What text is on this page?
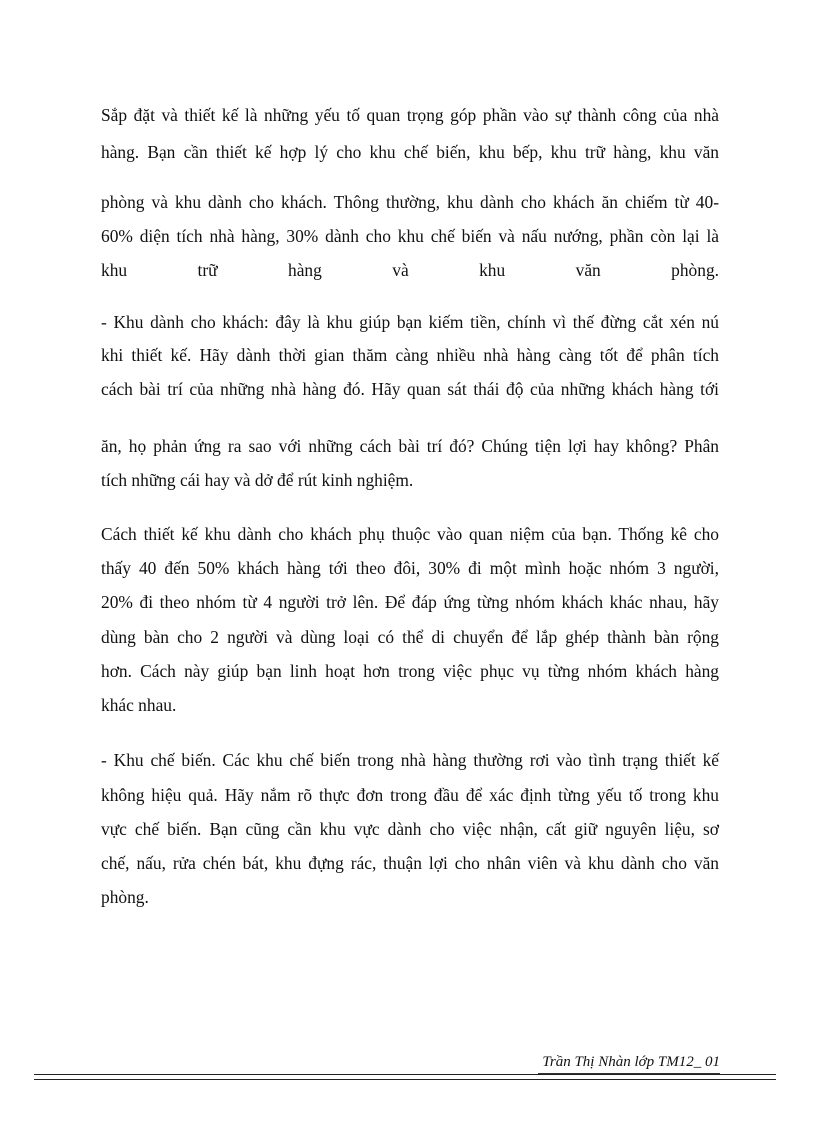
Sắp đặt và thiết kế là những yếu tố quan trọng góp phần vào sự thành công của nhà
hàng. Bạn cần thiết kế hợp lý cho khu chế biến, khu bếp, khu trữ hàng, khu văn
phòng và khu dành cho khách. Thông thường, khu dành cho khách ăn chiếm từ 40-
60% diện tích nhà hàng, 30% dành cho khu chế biến và nấu nướng, phần còn lại là
khu trữ hàng và khu văn phòng.
- Khu dành cho khách: đây là khu giúp bạn kiếm tiền, chính vì thế đừng cắt xén nú
khi thiết kế. Hãy dành thời gian thăm càng nhiều nhà hàng càng tốt để phân tích
cách bài trí của những nhà hàng đó. Hãy quan sát thái độ của những khách hàng tới
ăn, họ phản ứng ra sao với những cách bài trí đó? Chúng tiện lợi hay không? Phân
tích những cái hay và dở để rút kinh nghiệm.
Cách thiết kế khu dành cho khách phụ thuộc vào quan niệm của bạn. Thống kê cho
thấy 40 đến 50% khách hàng tới theo đôi, 30% đi một mình hoặc nhóm 3 người,
20% đi theo nhóm từ 4 người trở lên. Để đáp ứng từng nhóm khách khác nhau, hãy
dùng bàn cho 2 người và dùng loại có thể di chuyển để lắp ghép thành bàn rộng
hơn. Cách này giúp bạn linh hoạt hơn trong việc phục vụ từng nhóm khách hàng
khác nhau.
- Khu chế biến. Các khu chế biến trong nhà hàng thường rơi vào tình trạng thiết kế
không hiệu quả. Hãy nắm rõ thực đơn trong đầu để xác định từng yếu tố trong khu
vực chế biến. Bạn cũng cần khu vực dành cho việc nhận, cất giữ nguyên liệu, sơ
chế, nấu, rửa chén bát, khu đựng rác, thuận lợi cho nhân viên và khu dành cho văn
phòng.
Trần Thị Nhàn lớp TM12_ 01
